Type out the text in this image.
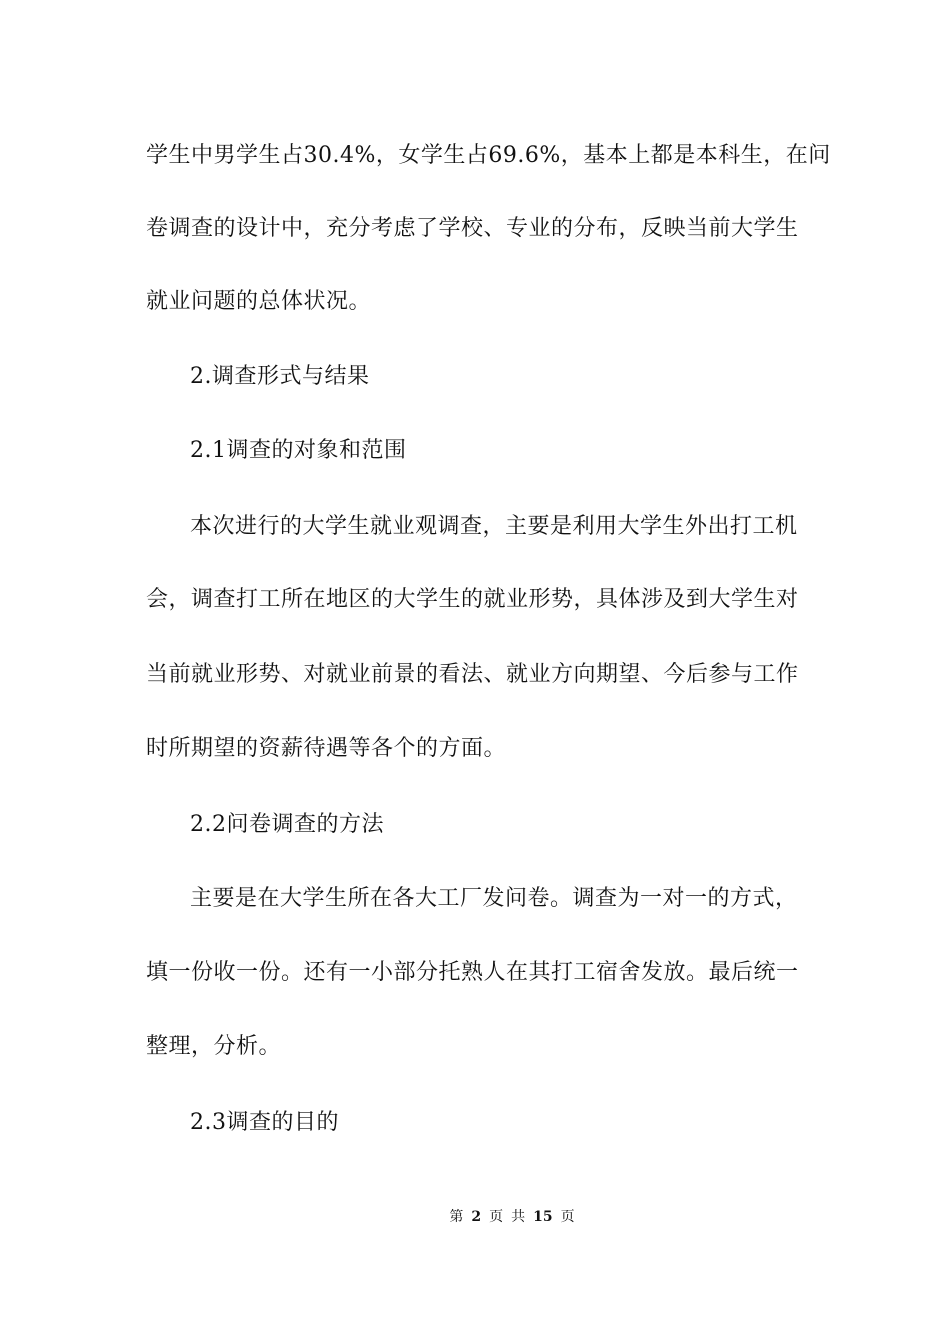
学生中男学生占30.4%，女学生占69.6%，基本上都是本科生，在问
卷调查的设计中，充分考虑了学校、专业的分布，反映当前大学生
就业问题的总体状况。
2.调查形式与结果
2.1调查的对象和范围
本次进行的大学生就业观调查，主要是利用大学生外出打工机
会，调查打工所在地区的大学生的就业形势，具体涉及到大学生对
当前就业形势、对就业前景的看法、就业方向期望、今后参与工作
时所期望的资薪待遇等各个的方面。
2.2问卷调查的方法
主要是在大学生所在各大工厂发问卷。调查为一对一的方式，
填一份收一份。还有一小部分托熟人在其打工宿舍发放。最后统一
整理，分析。
2.3调查的目的
第 2 页 共 15 页
